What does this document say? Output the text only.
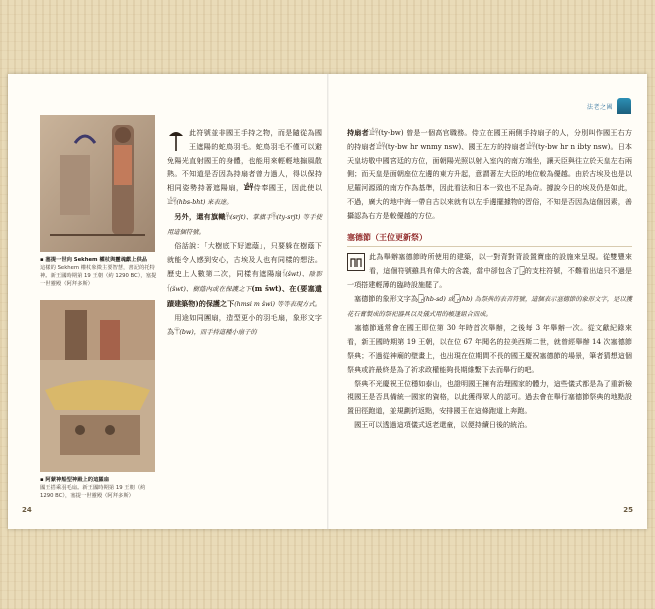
法老之國
▪ 塞提一世向 Sekhem 權杖與靈魂獻上供品
這樣的 Sekhem 權杖象徵主要智慧，書記的托特神。新王國時期第 19 王朝（約 1290 BC），塞提一世靈殿（阿拜多斯）
▪ 阿蒙神船型神殿上的這羅扇
國王搭乘羽毛扇。新王國時期第 19 王朝（約 1290 BC），塞提一世靈殿（阿拜多斯）
24	25

此符號並非國王手持之物，而是隨從為國王遮陽的蛇鳥羽毛。蛇鳥羽毛不僅可以避免陽光直射國王的身體，也能用來輕輕地搧風散熱。不知道是否因為持扇者曾力過人，得以保持相同姿勢持著遮陽扇，𓀀𓋹侍奉國王，因此使以𓀀𓋹(hbs-bht) 來表達。

　另外，還有旗幟𓋹𓏤(srjt)、掌旗手𓋹𓏤(ty-srjt) 等手使用這個符號。

　俗話說：「大樹底下好遮蔭」，只要躲在樹蔭下就能令人感到安心，古埃及人也有同樣的想法。歷史上人數第二次，同樣有遮陽扇𓆳(šwt)、陰影𓆳(šwt)、樹蔭內或在保護之下(m šwt)、在(要塞遺蹟建築物)的保護之下(hmsi m šwi) 等等表現方式。

　用途如同團扇，造型更小的羽毛扇，象形文字為𓋺(bw)，而手持這種小扇子的

持扇者𓀀𓋹(ty-bw) 曾是一個高官職務。侍立在國王兩側手持扇子的人，分別叫作國王右方的持扇者𓀀𓋹(ty-bw hr wnmy nsw)、國王左方的持扇者𓀀𓋹(ty-bw hr n ibty nsw)。日本天皇坊敬中國宮廷的方位，面朝陽光照以射入室內的南方端坐，讓天臣與往立於天皇左右兩側；而天皇是面朝座位左邊的東方升起，意謂著左大臣的地位較為優越。由於古埃及也是以尼羅河源頭的南方作為基準，因此看法和日本一致也不足為奇。據說今日的埃及仍是如此，不過，廣大的地中海一帶自古以來就有以左手邊擺據物的習俗，不知是否因為這個因素，善攝認為右方是較優越的方位。

塞德節（王位更新祭）

此為舉辦塞德節時所使用的建築，以一對背對背設置寶座的設施來呈現。從雙豐來看，這個符號雖具有偉大的含義，當中卻包含了𓉗的支柱符號，不難看出這只不過是一項搭建輕薄的臨時設施罷了。

　塞德節的象形文字為𓉗(hb-sd) 或𓉗(hb) 為祭典的表音符號，這個表示塞德節的象形文字，是以獲花石膏製成的祭祀器具以及儀式用的帳篷組合而成。

　塞德節通常會在國王即位第 30 年時首次舉辦，之後每 3 年舉辦一次。從文獻紀錄來看，新王國時期第 19 王朝，以在位 67 年聞名的拉美西斯二世，就曾經舉辦 14 次塞德節祭典；不過從神廟的壁畫上，也出現在位期間不長的國王慶祝塞德節的場景，筆者猜想這個祭典或許最終是為了祈求政權能夠長期維繫下去而舉行的吧。

　祭典不光慶祝王位穩如泰山，也證明國王擁有治理國家的體力，這些儀式都是為了重新檢視國王是否具備統一國家的資格，以此獲得眾人的認可。過去會在舉行塞德節祭典的地點設置田徑跑道，並規劃折返點，安排國王在這條跑道上奔跑。

　國王可以透過這項儀式返老還童，以便持續日後的統治。
